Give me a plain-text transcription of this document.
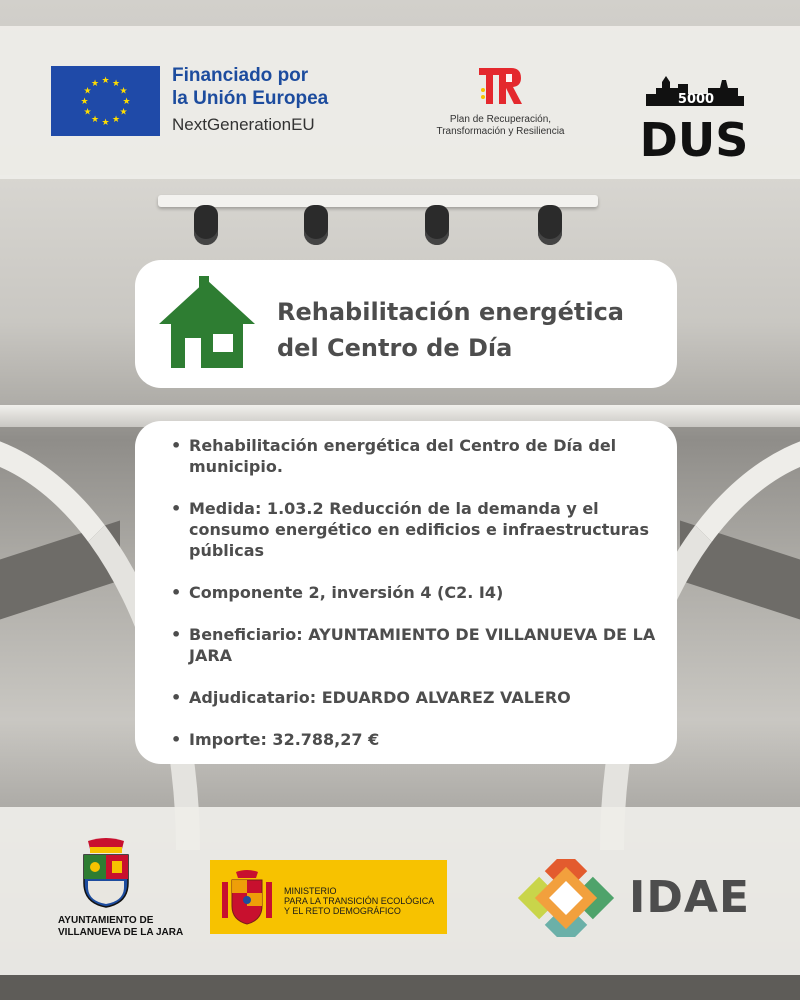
★ ★
★
★
★
★
★
★
★
★
★
★	Financiado por
la Unión Europea
NextGenerationEU	Plan de Recuperación,
Transformación y Resiliencia
5000
DUS
Rehabilitación energética
del Centro de Día
• Rehabilitación energética del Centro de Día del municipio.
• Medida: 1.03.2 Reducción de la demanda y el consumo energético en edificios e infraestructuras públicas
• Componente 2, inversión 4 (C2. I4)
• Beneficiario: AYUNTAMIENTO DE VILLANUEVA DE LA JARA
• Adjudicatario: EDUARDO ALVAREZ VALERO
• Importe: 32.788,27 €
AYUNTAMIENTO DE
VILLANUEVA DE LA JARA
MINISTERIO
PARA LA TRANSICIÓN ECOLÓGICA
Y EL RETO DEMOGRÁFICO	IDAE
